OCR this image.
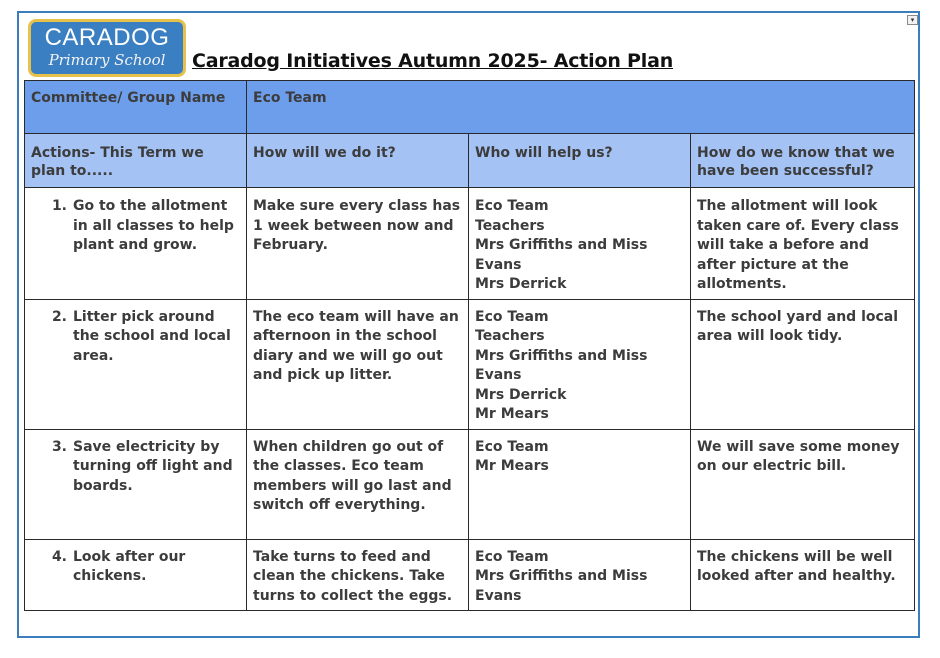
▾
CARADOG
Primary School	Caradog Initiatives Autumn 2025- Action Plan
Committee/ Group Name	Eco Team		
Actions- This Term we plan to.....	How will we do it?	Who will help us?	How do we know that we have been successful?

1. Go to the allotment in all classes to help plant and grow.	Make sure every class has 1 week between now and February.	Eco Team
Teachers
Mrs Griffiths and Miss Evans
Mrs Derrick	The allotment will look taken care of. Every class will take a before and after picture at the allotments.

2. Litter pick around the school and local area.	The eco team will have an afternoon in the school diary and we will go out and pick up litter.	Eco Team
Teachers
Mrs Griffiths and Miss Evans
Mrs Derrick
Mr Mears	The school yard and local area will look tidy.

3. Save electricity by turning off light and boards.	When children go out of the classes. Eco team members will go last and switch off everything.	Eco Team
Mr Mears	We will save some money on our electric bill.

4. Look after our chickens.	Take turns to feed and clean the chickens. Take turns to collect the eggs.	Eco Team
Mrs Griffiths and Miss Evans	The chickens will be well looked after and healthy.
